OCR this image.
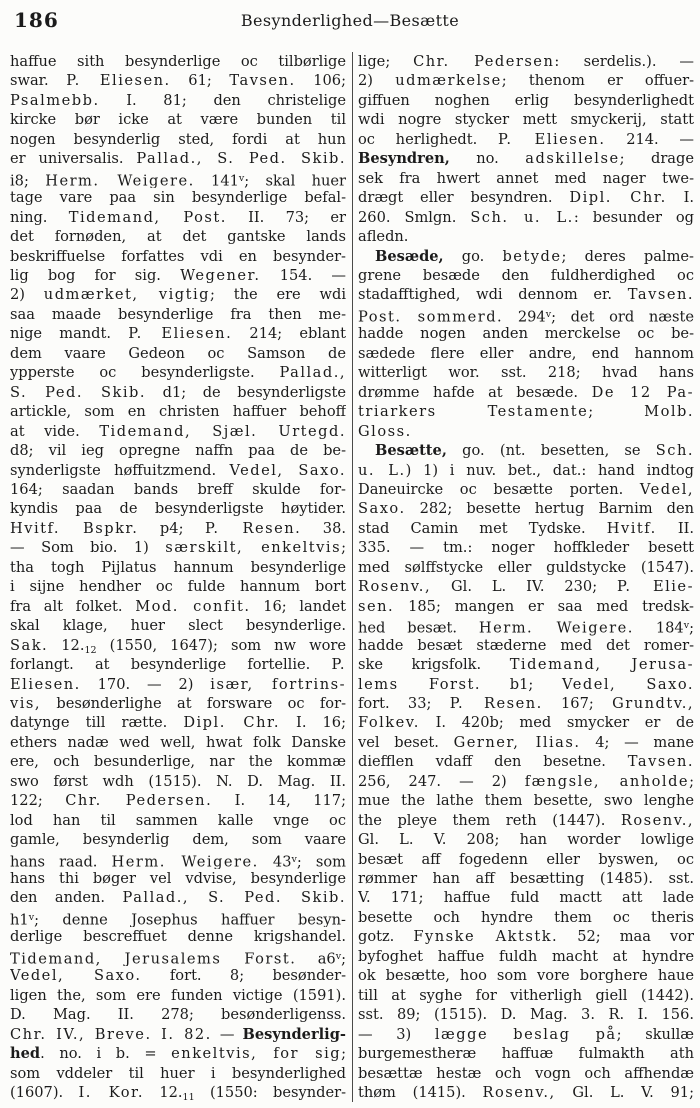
186	Besynderlighed—Besætte
haffue sith besynderlige oc tilbørlige
swar. P. Eliesen. 61; Tavsen. 106;
Psalmebb. I. 81; den christelige
kircke bør icke at være bunden til
nogen besynderlig sted, fordi at hun
er universalis. Pallad., S. Ped. Skib.
i8; Herm. Weigere. 141$^v$; skal huer
tage vare paa sin besynderlige befal-
ning. Tidemand, Post. II. 73; er
det fornøden, at det gantske lands
beskriffuelse forfattes vdi en besynder-
lig bog for sig. Wegener. 154. —
2) udmærket, vigtig; the ere wdi
saa maade besynderlige fra then me-
nige mandt. P. Eliesen. 214; eblant
dem vaare Gedeon oc Samson de
ypperste oc besynderligste. Pallad.,
S. Ped. Skib. d1; de besynderligste
artickle, som en christen haffuer behoff
at vide. Tidemand, Sjæl. Urtegd.
d8; vil ieg opregne naffn paa de be-
synderligste høffuitzmend. Vedel, Saxo.
164; saadan bands breff skulde for-
kyndis paa de besynderligste høytider.
Hvitf. Bspkr. p4; P. Resen. 38.
— Som bio. 1) særskilt, enkeltvis;
tha togh Pijlatus hannum besynderlige
i sijne hendher oc fulde hannum bort
fra alt folket. Mod. confit. 16; landet
skal klage, huer slect besynderlige.
Sak. $12._{12}$ (1550, 1647); som nw wore
forlangt. at besynderlige fortellie. P.
Eliesen. 170. — 2) især, fortrins-
vis, besønderlighe at forsware oc for-
datynge till rætte. Dipl. Chr. I. 16;
ethers nadæ wed well, hwat folk Danske
ere, och besunderlige, nar the kommæ
swo først wdh (1515). N. D. Mag. II.
122; Chr. Pedersen. I. 14, 117;
lod han til sammen kalle vnge oc
gamle, besynderlig dem, som vaare
hans raad. Herm. Weigere. 43$^v$; som
hans thi bøger vel vdvise, besynderlige
den anden. Pallad., S. Ped. Skib.
h1$^v$; denne Josephus haffuer besyn-
derlige bescreffuet denne krigshandel.
Tidemand, Jerusalems Forst. a6$^v$;
Vedel, Saxo. fort. 8; besønder-
ligen the, som ere funden victige (1591).
D. Mag. II. 278; besønderligenss.
Chr. IV., Breve. I. 82. — Besynderlig-
hed. no. i b. = enkeltvis, for sig;
som vddeler til huer i besynderlighed
(1607). I. Kor. $12._{11}$ (1550: besynder-
lige; Chr. Pedersen: serdelis.). —
2) udmærkelse; thenom er offuer-
giffuen noghen erlig besynderlighedt
wdi nogre stycker mett smyckerij, statt
oc herlighedt. P. Eliesen. 214. —
Besyndren, no. adskillelse; drage
sek fra hwert annet med nager twe-
drægt eller besyndren. Dipl. Chr. I.
260. Smlgn. Sch. u. L.: besunder og
afledn.
Besæde, go. betyde; deres palme-
grene besæde den fuldherdighed oc
stadafftighed, wdi dennom er. Tavsen.
Post. sommerd. 294$^v$; det ord næste
hadde nogen anden merckelse oc be-
sædede flere eller andre, end hannom
witterligt wor. sst. 218; hvad hans
drømme hafde at besæde. De 12 Pa-
triarkers Testamente;	Molb.
Gloss.
Besætte, go. (nt. besetten, se Sch.
u. L.) 1) i nuv. bet., dat.: hand indtog
Daneuircke oc besætte porten. Vedel,
Saxo. 282; besette hertug Barnim den
stad Camin met Tydske. Hvitf. II.
335. — tm.: noger hoffkleder besett
med sølffstycke eller guldstycke (1547).
Rosenv., Gl. L. IV. 230; P. Elie-
sen. 185; mangen er saa med tredsk-
hed besæt. Herm. Weigere. 184$^v$;
hadde besæt stæderne med det romer-
ske krigsfolk. Tidemand, Jerusa-
lems Forst. b1; Vedel, Saxo.
fort. 33; P. Resen. 167; Grundtv.,
Folkev. I. 420b; med smycker er de
vel beset. Gerner, Ilias. 4; — mane
diefflen vdaff den besetne. Tavsen.
256, 247. — 2) fængsle, anholde;
mue the lathe them besette, swo lenghe
the pleye them reth (1447). Rosenv.,
Gl. L. V. 208; han worder lowlige
besæt aff fogedenn eller byswen, oc
rømmer han aff besætting (1485). sst.
V. 171; haffue fuld mactt att lade
besette och hyndre them oc theris
gotz. Fynske Aktstk. 52; maa vor
byfoghet haffue fuldh macht at hyndre
ok besætte, hoo som vore borghere haue
till at syghe for vitherligh giell (1442).
sst. 89; (1515). D. Mag. 3. R. I. 156.
— 3) lægge beslag på; skullæ
burgemestheræ haffuæ fulmakth ath
besættæ hestæ och vogn och affhendæ
thøm (1415). Rosenv., Gl. L. V. 91;
